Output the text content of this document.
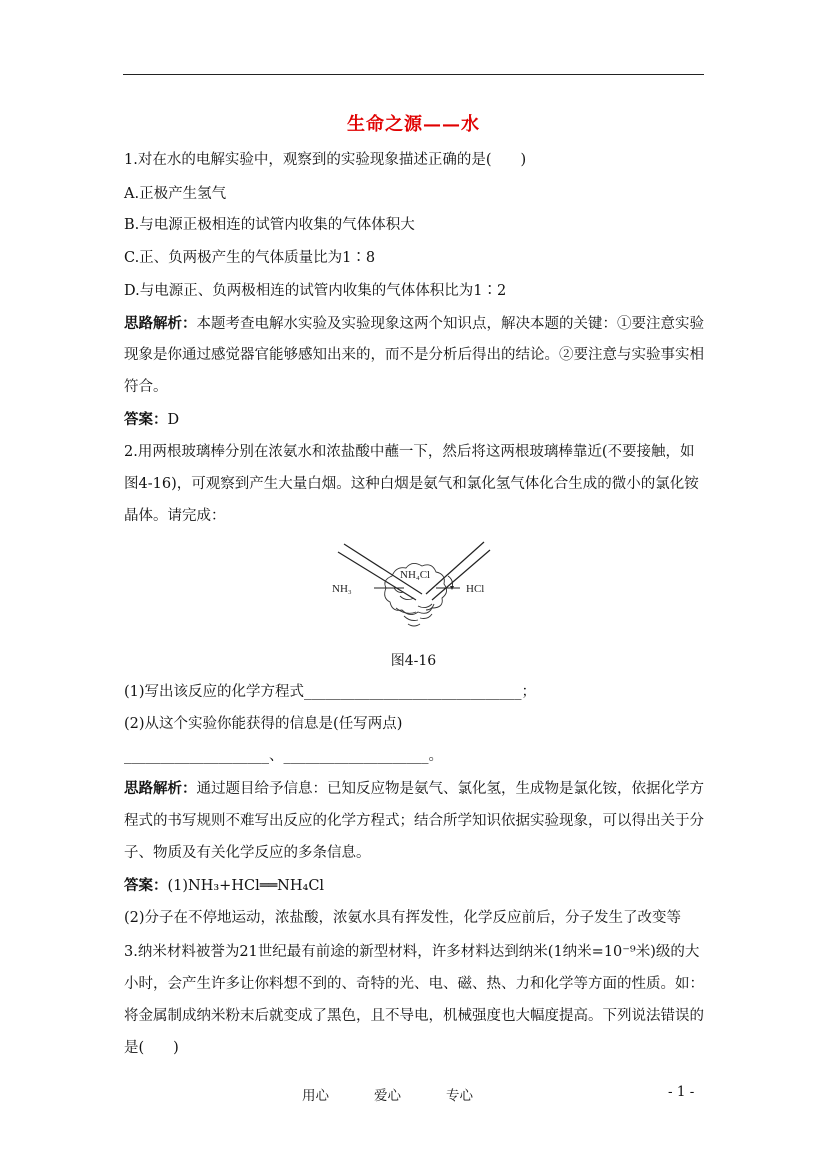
生命之源——水
1.对在水的电解实验中，观察到的实验现象描述正确的是(　　)
A.正极产生氢气
B.与电源正极相连的试管内收集的气体体积大
C.正、负两极产生的气体质量比为1∶8
D.与电源正、负两极相连的试管内收集的气体体积比为1∶2
思路解析：本题考查电解水实验及实验现象这两个知识点，解决本题的关键：①要注意实验
现象是你通过感觉器官能够感知出来的，而不是分析后得出的结论。②要注意与实验事实相
符合。
答案：D
2.用两根玻璃棒分别在浓氨水和浓盐酸中蘸一下，然后将这两根玻璃棒靠近(不要接触，如
图4-16)，可观察到产生大量白烟。这种白烟是氨气和氯化氢气体化合生成的微小的氯化铵
晶体。请完成：
NH₃
NH₄Cl
HCl
图4-16
(1)写出该反应的化学方程式______________________________；
(2)从这个实验你能获得的信息是(任写两点)
____________________、____________________。
思路解析：通过题目给予信息：已知反应物是氨气、氯化氢，生成物是氯化铵，依据化学方
程式的书写规则不难写出反应的化学方程式；结合所学知识依据实验现象，可以得出关于分
子、物质及有关化学反应的多条信息。
答案：(1)NH₃+HCl══NH₄Cl
(2)分子在不停地运动，浓盐酸，浓氨水具有挥发性，化学反应前后，分子发生了改变等
3.纳米材料被誉为21世纪最有前途的新型材料，许多材料达到纳米(1纳米=10⁻⁹米)级的大
小时，会产生许多让你料想不到的、奇特的光、电、磁、热、力和化学等方面的性质。如：
将金属制成纳米粉末后就变成了黑色，且不导电，机械强度也大幅度提高。下列说法错误的
是(　　)
用心	爱心	专心	- 1 -
